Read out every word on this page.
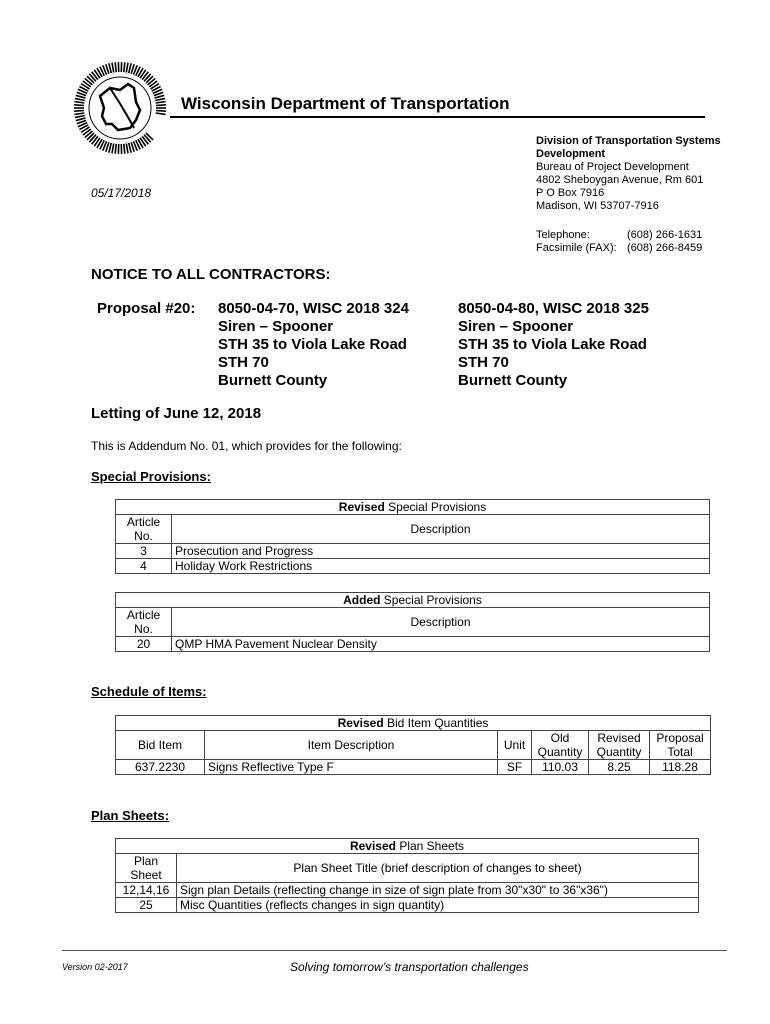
Wisconsin Department of Transportation
Division of Transportation Systems
Development
Bureau of Project Development
4802 Sheboygan Avenue, Rm 601
P O Box 7916
Madison, WI 53707-7916
Telephone:	(608) 266-1631
Facsimile (FAX): (608) 266-8459
05/17/2018
NOTICE TO ALL CONTRACTORS:
Proposal #20: 8050-04-70, WISC 2018 324
Siren – Spooner
STH 35 to Viola Lake Road
STH 70
Burnett County
8050-04-80, WISC 2018 325
Siren – Spooner
STH 35 to Viola Lake Road
STH 70
Burnett County
Letting of June 12, 2018
This is Addendum No. 01, which provides for the following:
Special Provisions:
Revised Special Provisions	
Article No.	Description
3	Prosecution and Progress
4	Holiday Work Restrictions
Added Special Provisions	
Article No.	Description
20	QMP HMA Pavement Nuclear Density
Schedule of Items:
Revised Bid Item Quantities					
Bid Item	Item Description	Unit	Old Quantity	Revised Quantity	Proposal Total
637.2230	Signs Reflective Type F	SF	110.03	8.25	118.28
Plan Sheets:
Revised Plan Sheets	
Plan Sheet	Plan Sheet Title (brief description of changes to sheet)
12,14,16	Sign plan Details (reflecting change in size of sign plate from 30"x30" to 36"x36")
25	Misc Quantities (reflects changes in sign quantity)
Version 02-2017	Solving tomorrow’s transportation challenges
